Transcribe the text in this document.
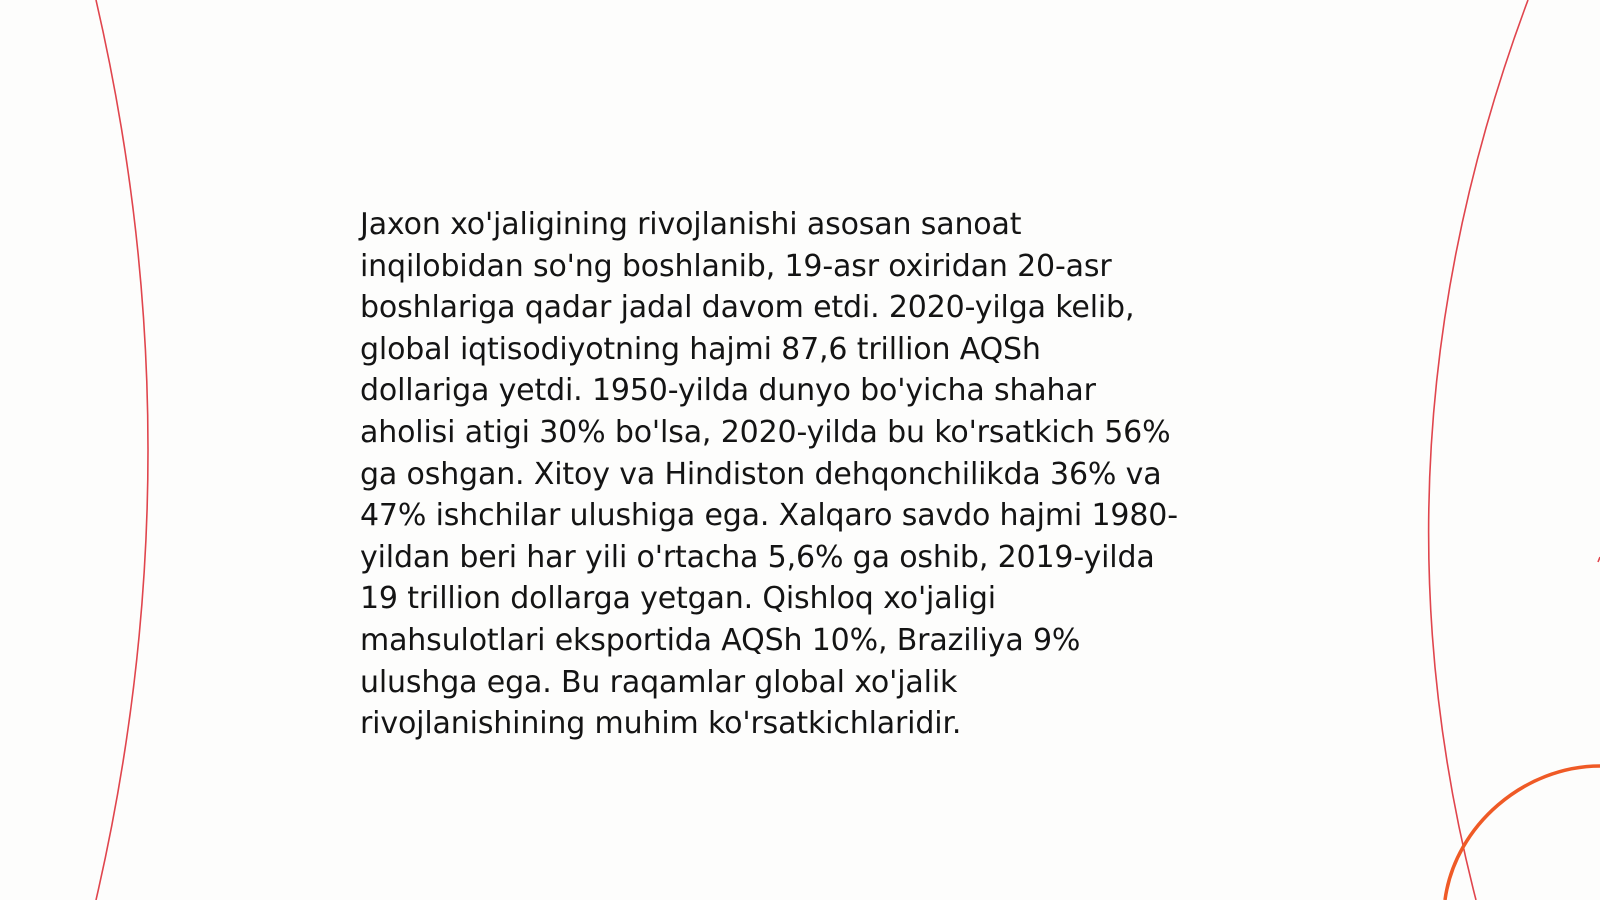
Jaxon xo'jaligining rivojlanishi asosan sanoat
inqilobidan so'ng boshlanib, 19-asr oxiridan 20-asr
boshlariga qadar jadal davom etdi. 2020-yilga kelib,
global iqtisodiyotning hajmi 87,6 trillion AQSh
dollariga yetdi. 1950-yilda dunyo bo'yicha shahar
aholisi atigi 30% bo'lsa, 2020-yilda bu ko'rsatkich 56%
ga oshgan. Xitoy va Hindiston dehqonchilikda 36% va
47% ishchilar ulushiga ega. Xalqaro savdo hajmi 1980-
yildan beri har yili o'rtacha 5,6% ga oshib, 2019-yilda
19 trillion dollarga yetgan. Qishloq xo'jaligi
mahsulotlari eksportida AQSh 10%, Braziliya 9%
ulushga ega. Bu raqamlar global xo'jalik
rivojlanishining muhim ko'rsatkichlaridir.
